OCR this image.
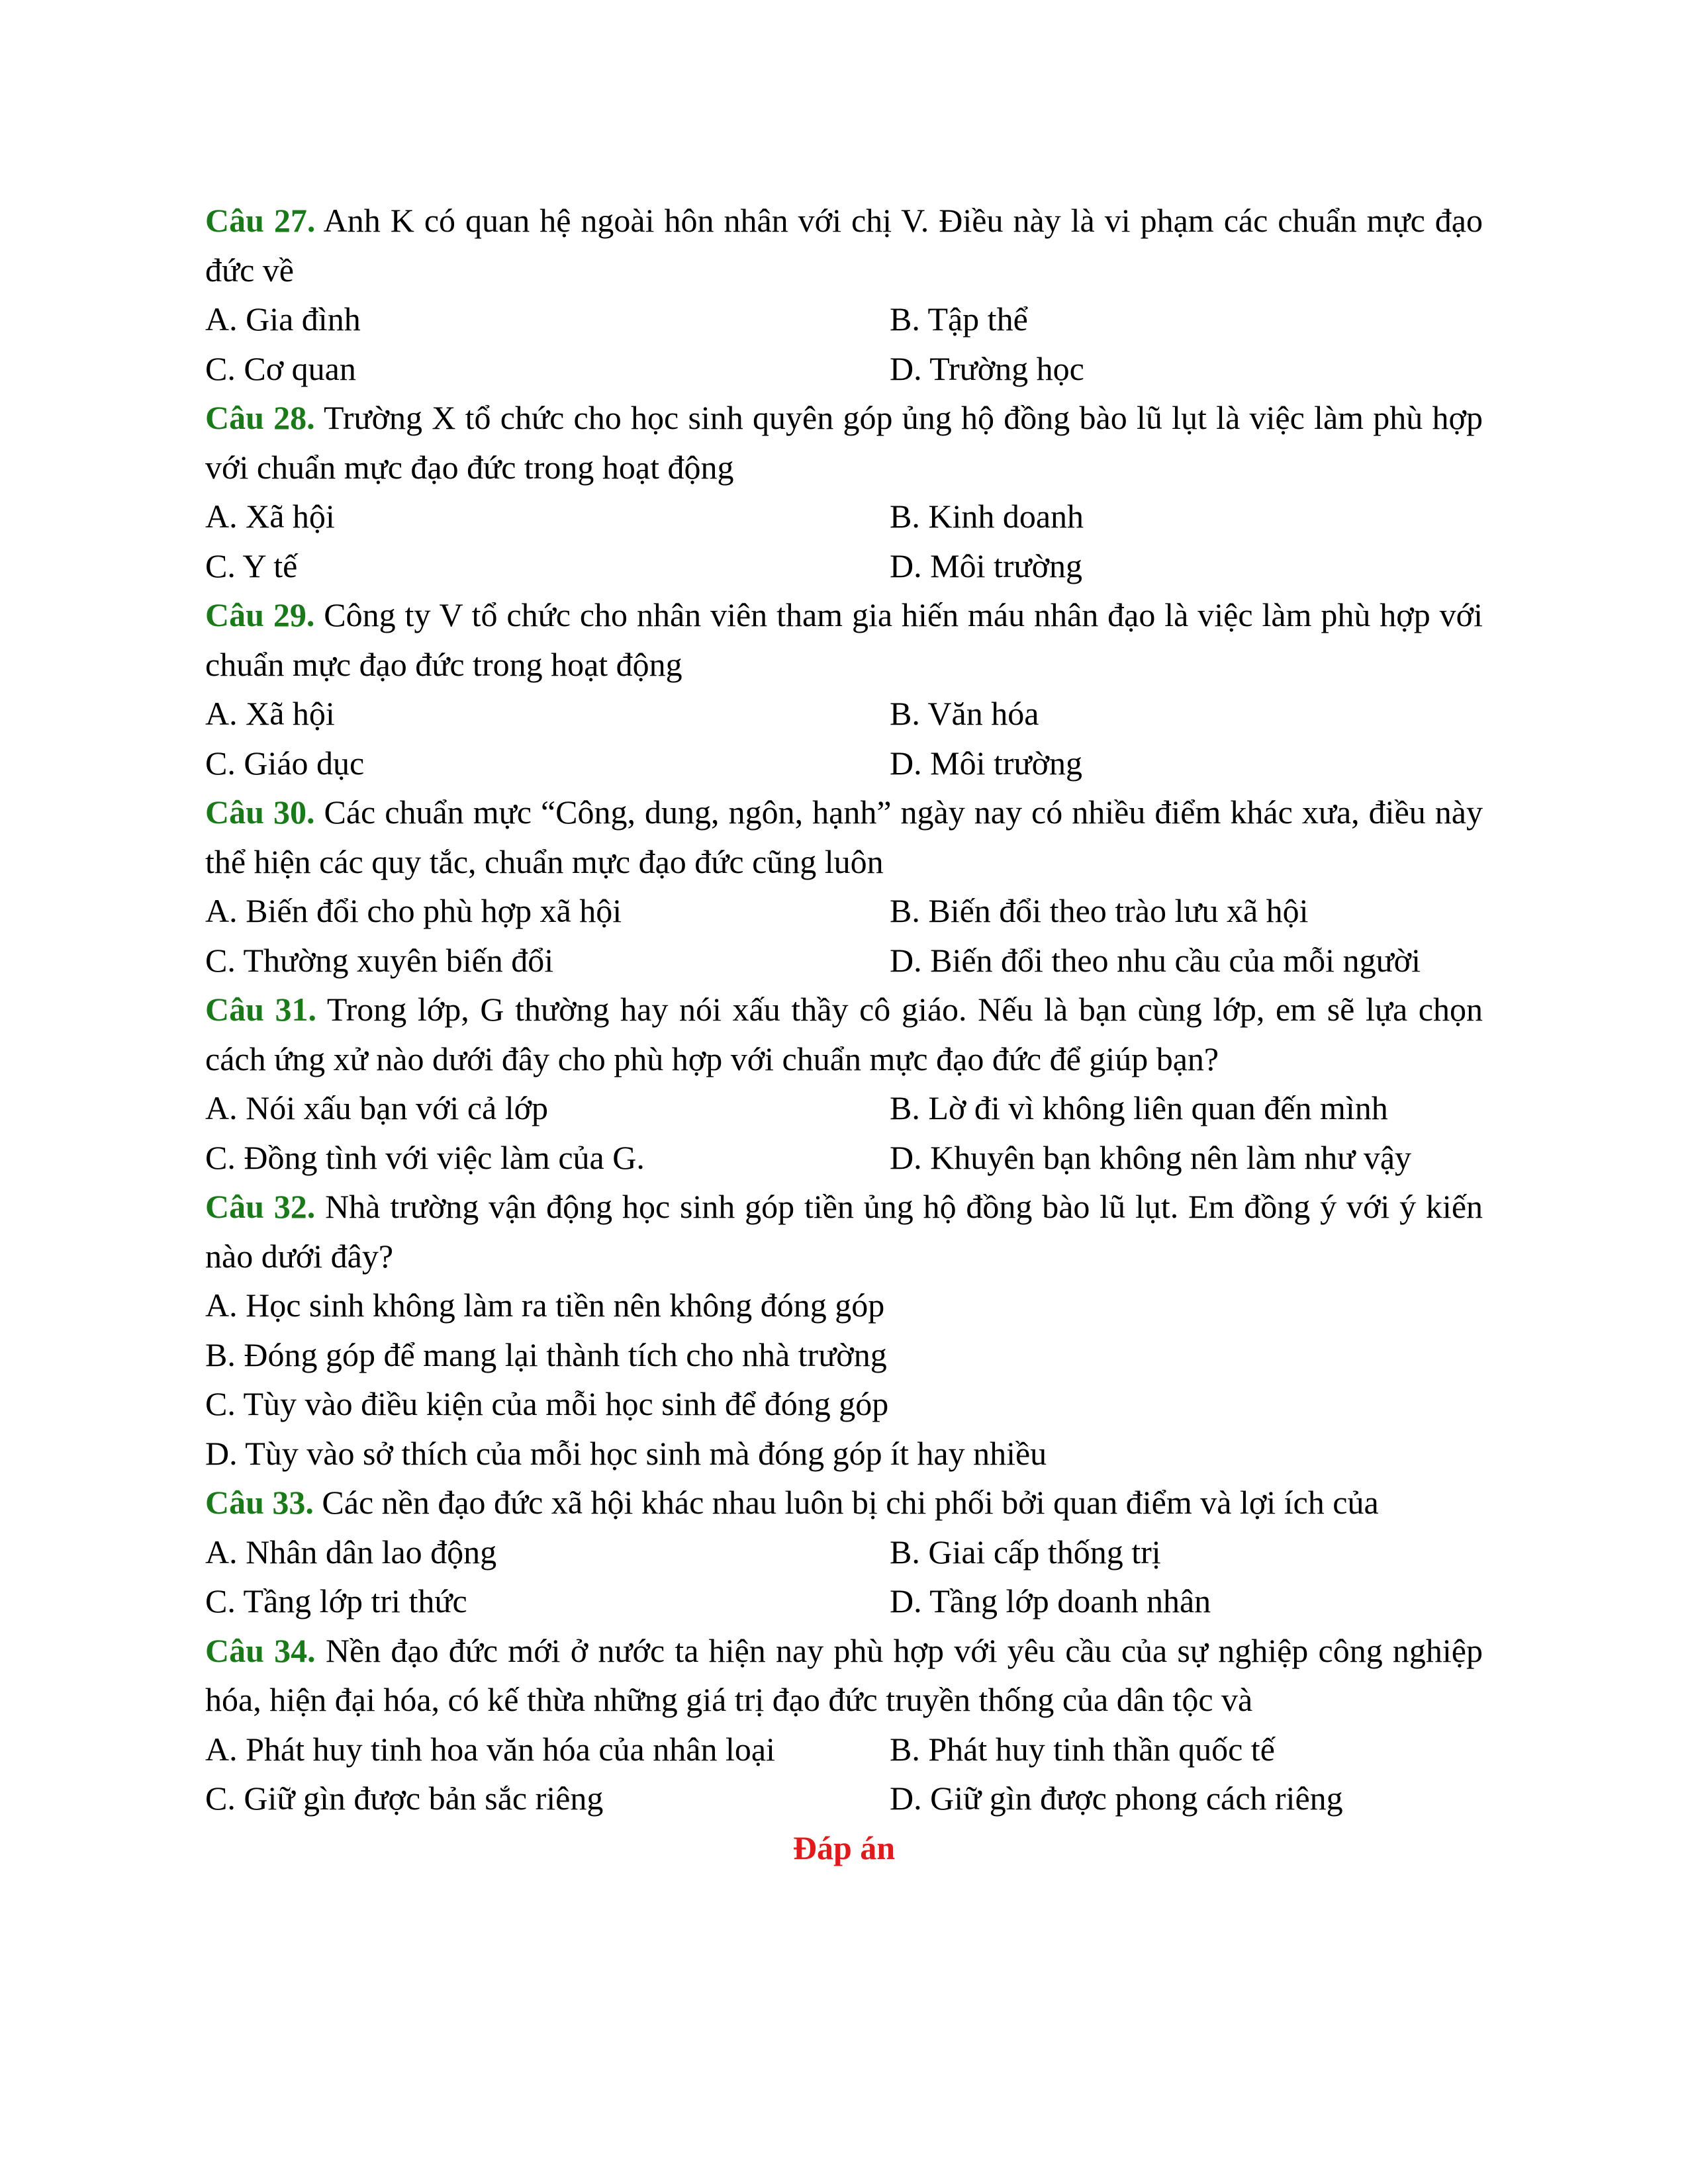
Câu 27. Anh K có quan hệ ngoài hôn nhân với chị V. Điều này là vi phạm các chuẩn mực đạo đức về
A. Gia đình	B. Tập thể
C. Cơ quan	D. Trường học
Câu 28. Trường X tổ chức cho học sinh quyên góp ủng hộ đồng bào lũ lụt là việc làm phù hợp với chuẩn mực đạo đức trong hoạt động
A. Xã hội	B. Kinh doanh
C. Y tế	D. Môi trường
Câu 29. Công ty V tổ chức cho nhân viên tham gia hiến máu nhân đạo là việc làm phù hợp với chuẩn mực đạo đức trong hoạt động
A. Xã hội	B. Văn hóa
C. Giáo dục	D. Môi trường
Câu 30. Các chuẩn mực “Công, dung, ngôn, hạnh” ngày nay có nhiều điểm khác xưa, điều này thể hiện các quy tắc, chuẩn mực đạo đức cũng luôn
A. Biến đổi cho phù hợp xã hội	B. Biến đổi theo trào lưu xã hội
C. Thường xuyên biến đổi	D. Biến đổi theo nhu cầu của mỗi người
Câu 31. Trong lớp, G thường hay nói xấu thầy cô giáo. Nếu là bạn cùng lớp, em sẽ lựa chọn cách ứng xử nào dưới đây cho phù hợp với chuẩn mực đạo đức để giúp bạn?
A. Nói xấu bạn với cả lớp	B. Lờ đi vì không liên quan đến mình
C. Đồng tình với việc làm của G.	D. Khuyên bạn không nên làm như vậy
Câu 32. Nhà trường vận động học sinh góp tiền ủng hộ đồng bào lũ lụt. Em đồng ý với ý kiến nào dưới đây?
A. Học sinh không làm ra tiền nên không đóng góp
B. Đóng góp để mang lại thành tích cho nhà trường
C. Tùy vào điều kiện của mỗi học sinh để đóng góp
D. Tùy vào sở thích của mỗi học sinh mà đóng góp ít hay nhiều
Câu 33. Các nền đạo đức xã hội khác nhau luôn bị chi phối bởi quan điểm và lợi ích của
A. Nhân dân lao động	B. Giai cấp thống trị
C. Tầng lớp tri thức	D. Tầng lớp doanh nhân
Câu 34. Nền đạo đức mới ở nước ta hiện nay phù hợp với yêu cầu của sự nghiệp công nghiệp hóa, hiện đại hóa, có kế thừa những giá trị đạo đức truyền thống của dân tộc và
A. Phát huy tinh hoa văn hóa của nhân loại	B. Phát huy tinh thần quốc tế
C. Giữ gìn được bản sắc riêng	D. Giữ gìn được phong cách riêng
Đáp án
